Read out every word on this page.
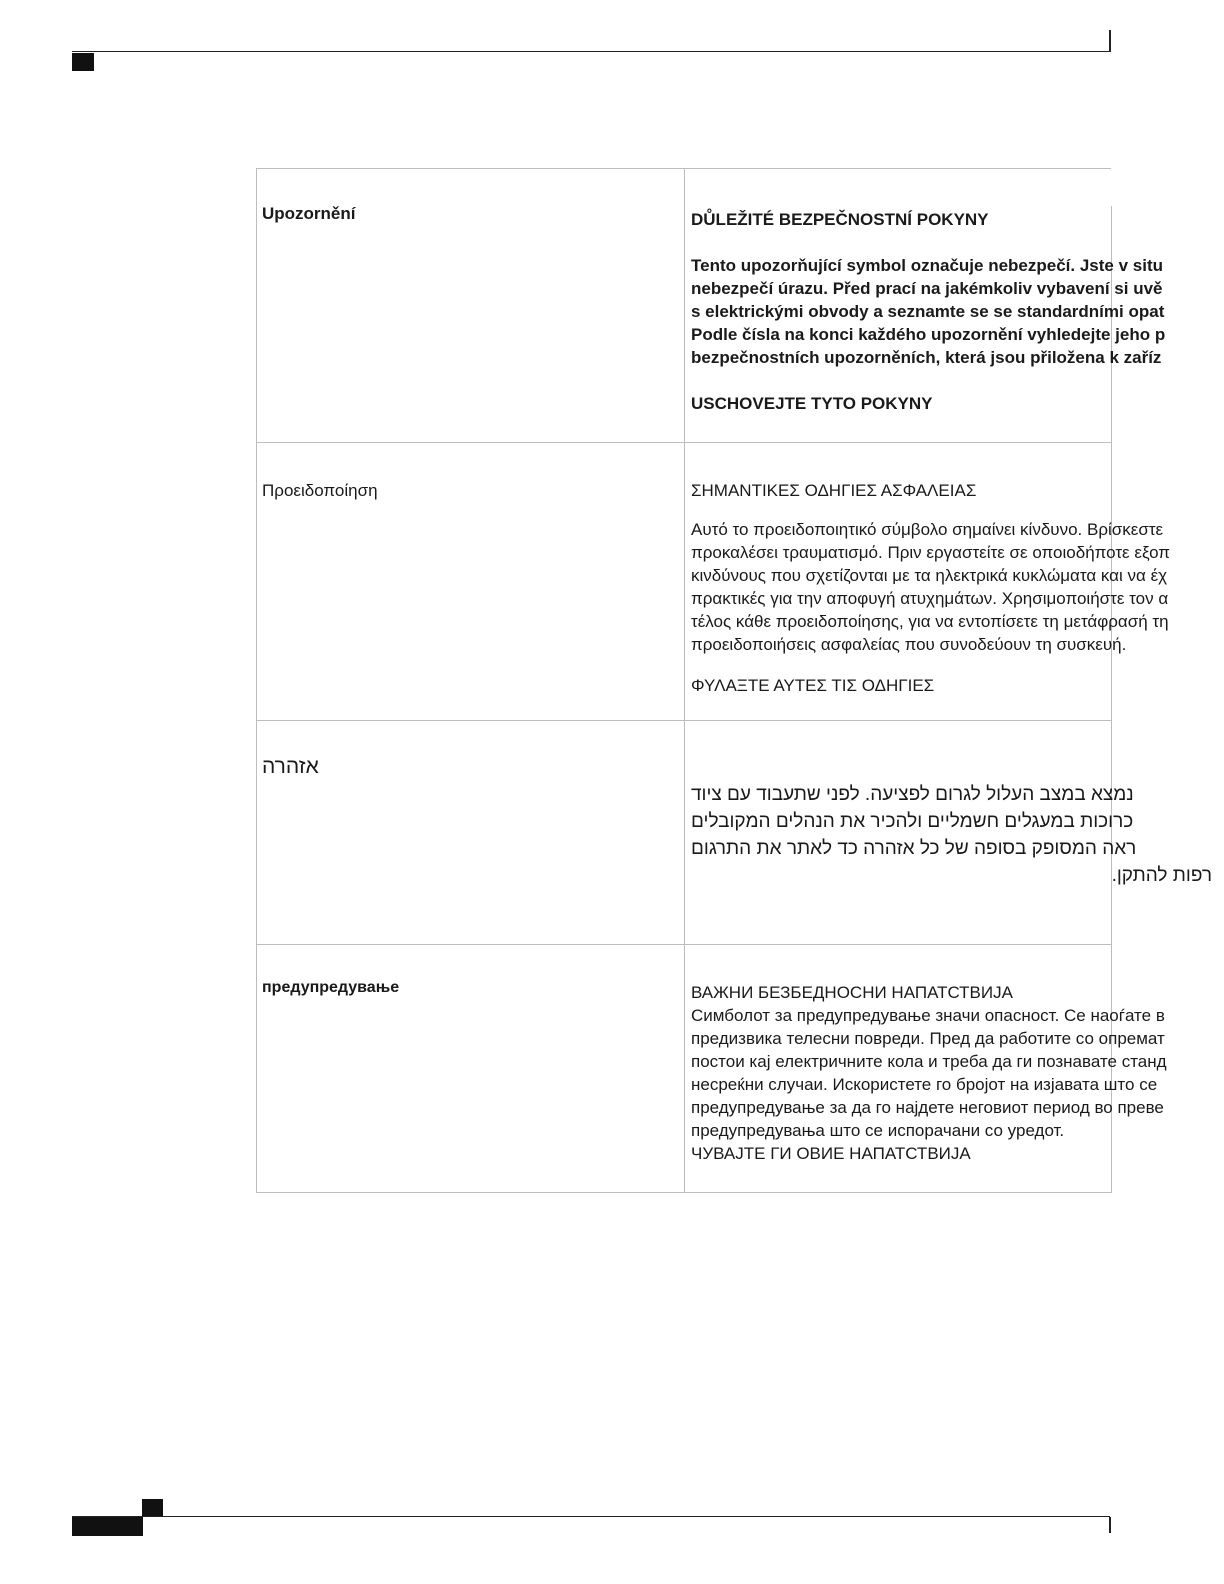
Upozornění	DŮLEŽITÉ BEZPEČNOSTNÍ POKYNY

Tento upozorňující symbol označuje nebezpečí. Jste v situ

nebezpečí úrazu. Před prací na jakémkoliv vybavení si uvě

s elektrickými obvody a seznamte se se standardními opat

Podle čísla na konci každého upozornění vyhledejte jeho p

bezpečnostních upozorněních, která jsou přiložena k zaříz

USCHOVEJTE TYTO POKYNY

Προειδοποίηση	ΣΗΜΑΝΤΙΚΕΣ ΟΔΗΓΙΕΣ ΑΣΦΑΛΕΙΑΣ

Αυτό το προειδοποιητικό σύμβολο σημαίνει κίνδυνο. Βρίσκεστε

προκαλέσει τραυματισμό. Πριν εργαστείτε σε οποιοδήποτε εξοπ

κινδύνους που σχετίζονται με τα ηλεκτρικά κυκλώματα και να έχ

πρακτικές για την αποφυγή ατυχημάτων. Χρησιμοποιήστε τον α

τέλος κάθε προειδοποίησης, για να εντοπίσετε τη μετάφρασή τη

προειδοποιήσεις ασφαλείας που συνοδεύουν τη συσκευή.

ΦΥΛΑΞΤΕ ΑΥΤΕΣ ΤΙΣ ΟΔΗΓΙΕΣ

אזהרה
נמצא במצב העלול לגרום לפציעה. לפני שתעבוד עם ציוד
כרוכות במעגלים חשמליים ולהכיר את הנהלים המקובלים
ראה המסופק בסופה של כל אזהרה כד לאתר את התרגום
רפות להתקן.
предупредување	ВАЖНИ БЕЗБЕДНОСНИ НАПАТСТВИЈА

Симболот за предупредување значи опасност. Се наоѓате в

предизвика телесни повреди. Пред да работите со опремат

постои кај електричните кола и треба да ги познавате станд

несреќни случаи. Искористете го бројот на изјавата што се

предупредување за да го најдете неговиот период во преве

предупредувања што се испорачани со уредот.

ЧУВАЈТЕ ГИ ОВИЕ НАПАТСТВИЈА
